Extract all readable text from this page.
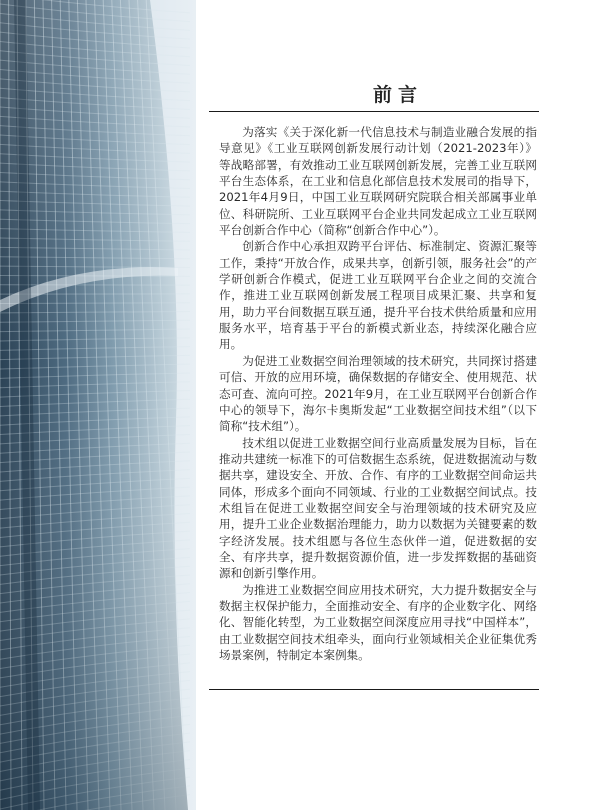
前言

为落实《关于深化新一代信息技术与制造业融合发展的指导意见》《工业互联网创新发展行动计划（2021-2023年）》等战略部署，有效推动工业互联网创新发展，完善工业互联网平台生态体系，在工业和信息化部信息技术发展司的指导下，2021年4月9日，中国工业互联网研究院联合相关部属事业单位、科研院所、工业互联网平台企业共同发起成立工业互联网平台创新合作中心（简称“创新合作中心”）。

创新合作中心承担双跨平台评估、标准制定、资源汇聚等工作，秉持“开放合作，成果共享，创新引领，服务社会”的产学研创新合作模式，促进工业互联网平台企业之间的交流合作，推进工业互联网创新发展工程项目成果汇聚、共享和复用，助力平台间数据互联互通，提升平台技术供给质量和应用服务水平，培育基于平台的新模式新业态，持续深化融合应用。

为促进工业数据空间治理领域的技术研究，共同探讨搭建可信、开放的应用环境，确保数据的存储安全、使用规范、状态可查、流向可控。2021年9月，在工业互联网平台创新合作中心的领导下，海尔卡奥斯发起“工业数据空间技术组”（以下简称“技术组”）。

技术组以促进工业数据空间行业高质量发展为目标，旨在推动共建统一标准下的可信数据生态系统，促进数据流动与数据共享，建设安全、开放、合作、有序的工业数据空间命运共同体，形成多个面向不同领域、行业的工业数据空间试点。技术组旨在促进工业数据空间安全与治理领域的技术研究及应用，提升工业企业数据治理能力，助力以数据为关键要素的数字经济发展。技术组愿与各位生态伙伴一道，促进数据的安全、有序共享，提升数据资源价值，进一步发挥数据的基础资源和创新引擎作用。

为推进工业数据空间应用技术研究，大力提升数据安全与数据主权保护能力，全面推动安全、有序的企业数字化、网络化、智能化转型，为工业数据空间深度应用寻找“中国样本”，由工业数据空间技术组牵头，面向行业领域相关企业征集优秀场景案例，特制定本案例集。
